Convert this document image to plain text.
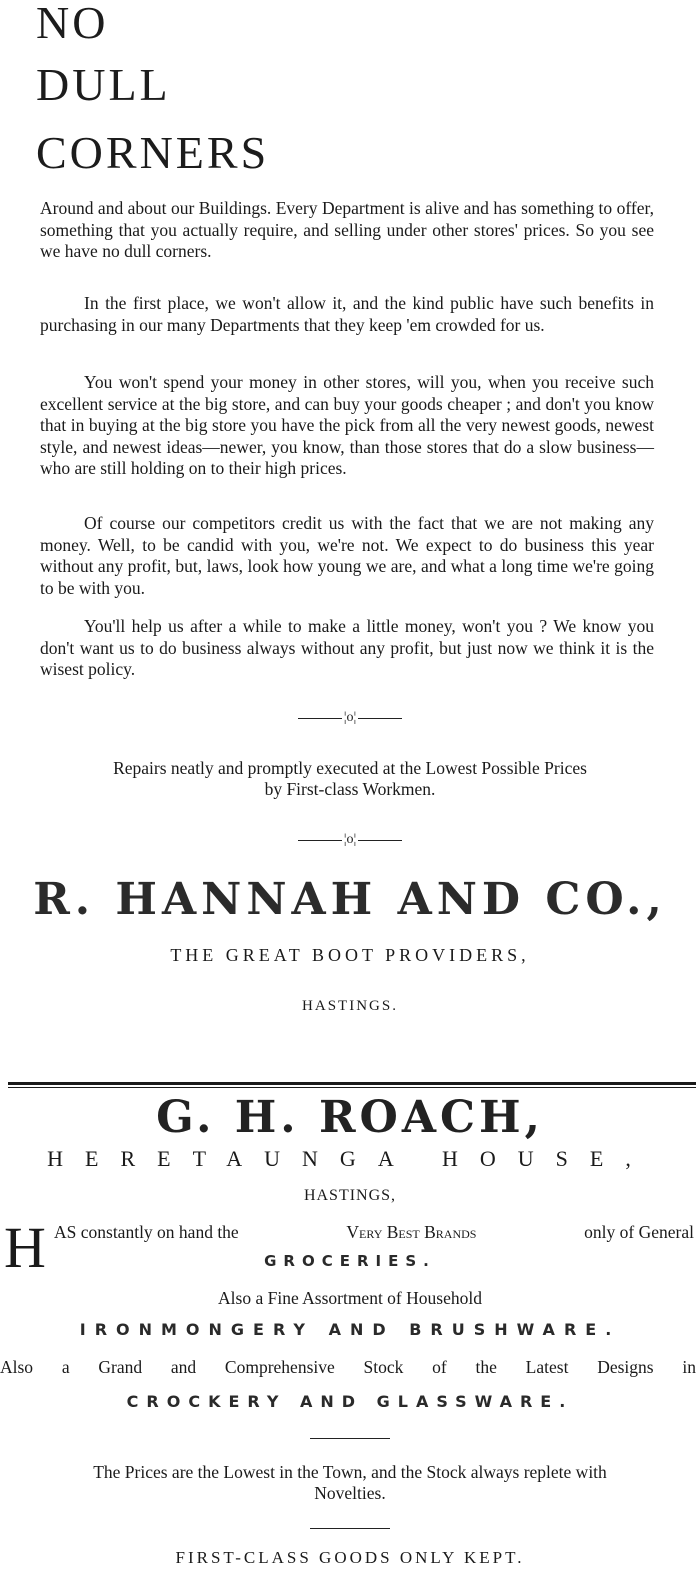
NO
DULL
CORNERS

Around and about our Buildings. Every Department is alive and has something to offer, something that you actually require, and selling under other stores' prices. So you see we have no dull corners.

In the first place, we won't allow it, and the kind public have such benefits in purchasing in our many Departments that they keep 'em crowded for us.

You won't spend your money in other stores, will you, when you receive such excellent service at the big store, and can buy your goods cheaper ; and don't you know that in buying at the big store you have the pick from all the very newest goods, newest style, and newest ideas—newer, you know, than those stores that do a slow business—who are still holding on to their high prices.

Of course our competitors credit us with the fact that we are not making any money. Well, to be candid with you, we're not. We expect to do business this year without any profit, but, laws, look how young we are, and what a long time we're going to be with you.

You'll help us after a while to make a little money, won't you ? We know you don't want us to do business always without any profit, but just now we think it is the wisest policy.

¦o¦
Repairs neatly and promptly executed at the Lowest Possible Prices
by First-class Workmen.
¦o¦
R. HANNAH AND CO.,
THE GREAT BOOT PROVIDERS,
HASTINGS.
G. H. ROACH,
HERETAUNGA HOUSE,
HASTINGS,
H AS constantly on hand the	Very Best Brands	only of General
GROCERIES.
Also a Fine Assortment of Household
IRONMONGERY AND BRUSHWARE.
Also a Grand and Comprehensive Stock of the Latest Designs in
CROCKERY AND GLASSWARE.
The Prices are the Lowest in the Town, and the Stock always replete with
Novelties.
FIRST-CLASS GOODS ONLY KEPT.
